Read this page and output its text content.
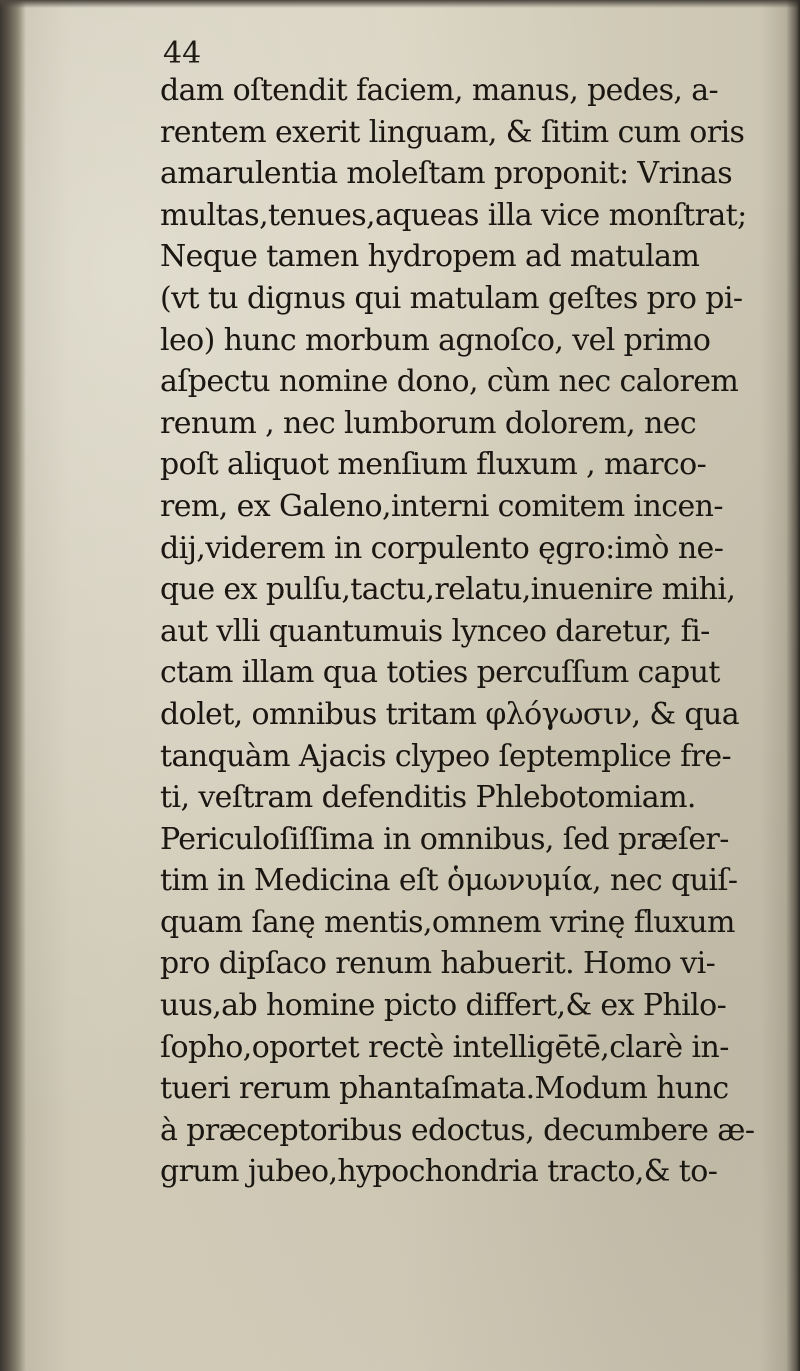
44

dam oſtendit faciem, manus, pedes, a-
rentem exerit linguam, & ſitim cum oris
amarulentia moleſtam proponit: Vrinas
multas,tenues,aqueas illa vice monſtrat;
Neque tamen hydropem ad matulam
(vt tu dignus qui matulam geſtes pro pi-
leo) hunc morbum agnoſco, vel primo
aſpectu nomine dono, cùm nec calorem
renum , nec lumborum dolorem, nec
poſt aliquot menſium fluxum , marco-
rem, ex Galeno,interni comitem incen-
dij,viderem in corpulento ęgro:imò ne-
que ex pulſu,tactu,relatu,inuenire mihi,
aut vlli quantumuis lynceo daretur, fi-
ctam illam qua toties percuſſum caput
dolet, omnibus tritam φλόγωσιν, & qua
tanquàm Ajacis clypeo ſeptemplice fre-
ti, veſtram defenditis Phlebotomiam.
Periculoſiſſima in omnibus, ſed præſer-
tim in Medicina eſt ὁμωνυμία, nec quiſ-
quam ſanę mentis,omnem vrinę fluxum
pro dipſaco renum habuerit. Homo vi-
uus,ab homine picto differt,& ex Philo-
ſopho,oportet rectè intelligētē,clarè in-
tueri rerum phantaſmata.Modum hunc
à præceptoribus edoctus, decumbere æ-
grum jubeo,hypochondria tracto,& to-
